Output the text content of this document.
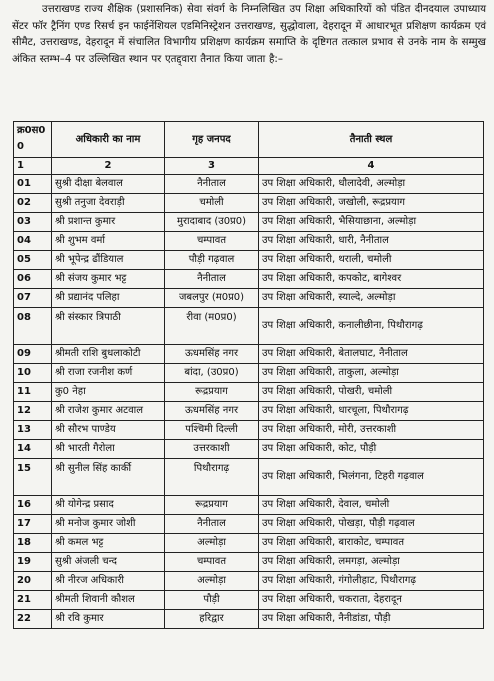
उत्तराखण्ड राज्य शैक्षिक (प्रशासनिक) सेवा संवर्ग के निम्नलिखित उप शिक्षा अधिकारियों को पंडित दीनदयाल उपाध्याय सेंटर फॉर ट्रैनिंग एण्ड रिसर्च इन फाईनेंशियल एडमिनिस्ट्रेशन उत्तराखण्ड, सुद्धोवाला, देहरादून में आधारभूत प्रशिक्षण कार्यक्रम एवं सीमैट, उत्तराखण्ड, देहरादून में संचालित विभागीय प्रशिक्षण कार्यक्रम समाप्ति के दृष्टिगत तत्काल प्रभाव से उनके नाम के सम्मुख अंकित स्तम्भ–4 पर उल्लिखित स्थान पर एतद्द्वारा तैनात किया जाता है:–

क्र0स0
0	अधिकारी का नाम	गृह जनपद	तैनाती स्थल
1	2	3	4
01	सुश्री दीक्षा बेलवाल	नैनीताल	उप शिक्षा अधिकारी, धौलादेवी, अल्मोड़ा
02	सुश्री तनुजा देवराड़ी	चमोली	उप शिक्षा अधिकारी, जखोली, रूद्रप्रयाग
03	श्री प्रशान्त कुमार	मुरादाबाद (उ0प्र0)	उप शिक्षा अधिकारी, भैसियाछाना, अल्मोड़ा
04	श्री शुभम वर्मा	चम्पावत	उप शिक्षा अधिकारी, धारी, नैनीताल
05	श्री भूपेन्द्र ढौंडियाल	पौड़ी गढ़वाल	उप शिक्षा अधिकारी, थराली, चमोली
06	श्री संजय कुमार भट्ट	नैनीताल	उप शिक्षा अधिकारी, कपकोट, बागेश्वर
07	श्री प्रद्यानंद पलिहा	जबलपुर (म0प्र0)	उप शिक्षा अधिकारी, स्याल्दे, अल्मोड़ा
08	श्री संस्कार त्रिपाठी	रीवा (म0प्र0)	उप शिक्षा अधिकारी, कनालीछीना, पिथौरागढ़
09	श्रीमती राशि बुधलाकोटी	ऊधमसिंह नगर	उप शिक्षा अधिकारी, बेतालघाट, नैनीताल
10	श्री राजा रजनीश कर्ण	बांदा, (उ0प्र0)	उप शिक्षा अधिकारी, ताकुला, अल्मोड़ा
11	कु0 नेहा	रूद्रप्रयाग	उप शिक्षा अधिकारी, पोखरी, चमोली
12	श्री राजेश कुमार अटवाल	ऊधमसिंह नगर	उप शिक्षा अधिकारी, धारचूला, पिथौरागढ़
13	श्री सौरभ पाण्डेय	पश्चिमी दिल्ली	उप शिक्षा अधिकारी, मोरी, उत्तरकाशी
14	श्री भारती गैरोला	उत्तरकाशी	उप शिक्षा अधिकारी, कोट, पौड़ी
15	श्री सुनील सिंह कार्की	पिथौरागढ़	उप शिक्षा अधिकारी, भिलंगना, टिहरी गढ़वाल
16	श्री योगेन्द्र प्रसाद	रूद्रप्रयाग	उप शिक्षा अधिकारी, देवाल, चमोली
17	श्री मनोज कुमार जोशी	नैनीताल	उप शिक्षा अधिकारी, पोखड़ा, पौड़ी गढ़वाल
18	श्री कमल भट्ट	अल्मोड़ा	उप शिक्षा अधिकारी, बाराकोट, चम्पावत
19	सुश्री अंजली चन्द	चम्पावत	उप शिक्षा अधिकारी, लमगड़ा, अल्मोड़ा
20	श्री नीरज अधिकारी	अल्मोड़ा	उप शिक्षा अधिकारी, गंगोलीहाट, पिथौरागढ़
21	श्रीमती शिवानी कौशल	पौड़ी	उप शिक्षा अधिकारी, चकराता, देहरादून
22	श्री रवि कुमार	हरिद्वार	उप शिक्षा अधिकारी, नैनीडांडा, पौड़ी
